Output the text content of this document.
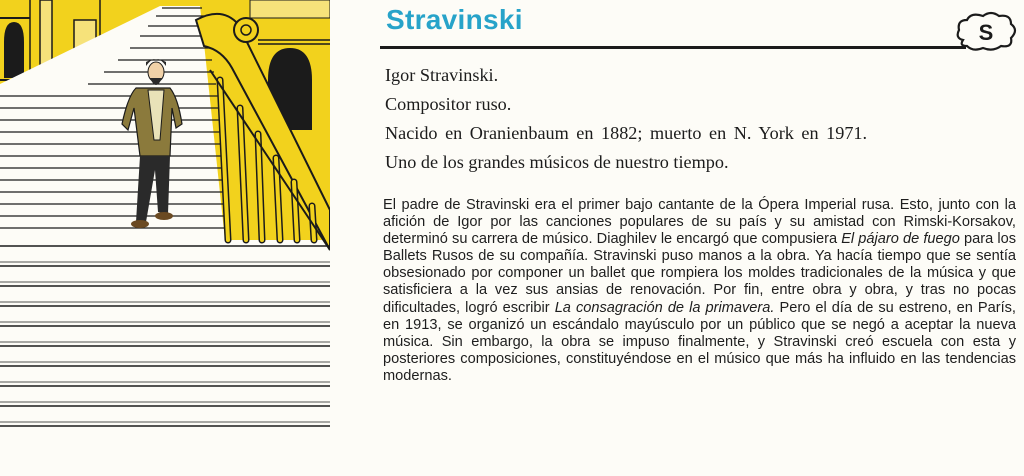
Stravinski	S

Igor Stravinski.

Compositor ruso.

Nacido en Oranienbaum en 1882; muerto en N. York en 1971.

Uno de los grandes músicos de nuestro tiempo.

El padre de Stravinski era el primer bajo cantante de la Ópera Imperial rusa. Esto, junto con la afición de Igor por las canciones populares de su país y su amistad con Rimski-Korsakov, determinó su carrera de músico. Diaghilev le encargó que compusiera El pájaro de fuego para los Ballets Rusos de su compañía. Stravinski puso manos a la obra. Ya hacía tiempo que se sentía obsesionado por componer un ballet que rompiera los moldes tradicionales de la música y que satisficiera a la vez sus ansias de renovación. Por fin, entre obra y obra, y tras no pocas dificultades, logró escribir La consagración de la primavera. Pero el día de su estreno, en París, en 1913, se organizó un escándalo mayúsculo por un público que se negó a aceptar la nueva música. Sin embargo, la obra se impuso finalmente, y Stravinski creó escuela con esta y posteriores composiciones, constituyéndose en el músico que más ha influido en las tendencias modernas.
